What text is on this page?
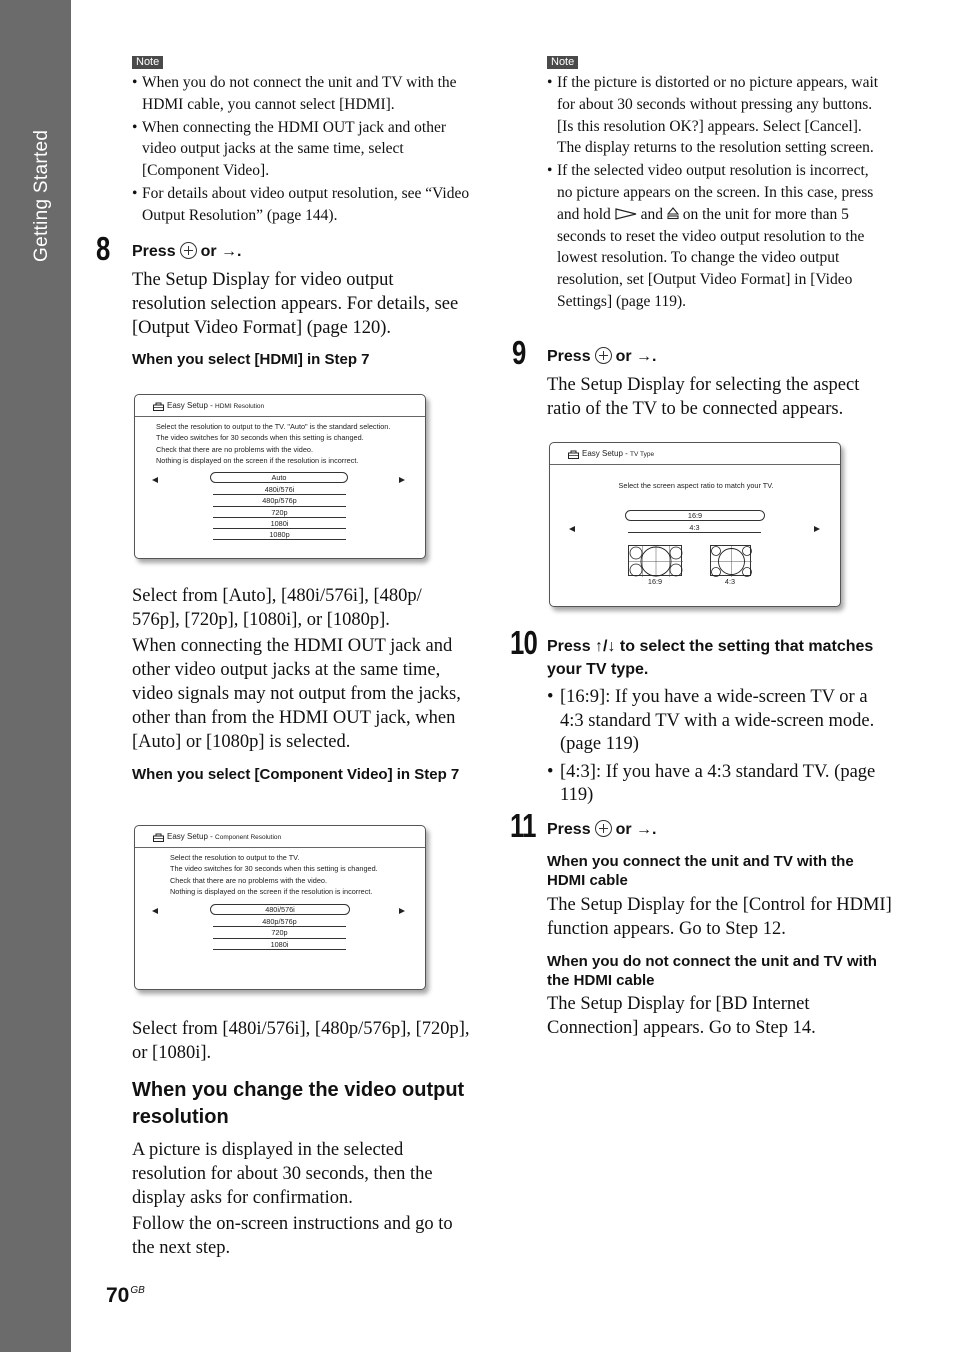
Getting Started
Note
• When you do not connect the unit and TV with the HDMI cable, you cannot select [HDMI].
• When connecting the HDMI OUT jack and other video output jacks at the same time, select [Component Video].
• For details about video output resolution, see “Video Output Resolution” (page 144).
8 Press or →.
The Setup Display for video output resolution selection appears. For details, see [Output Video Format] (page 120).
When you select [HDMI] in Step 7
Easy Setup - HDMI Resolution
Select the resolution to output to the TV. "Auto" is the standard selection.
The video switches for 30 seconds when this setting is changed.
Check that there are no problems with the video.
Nothing is displayed on the screen if the resolution is incorrect.
Auto
480i/576i
480p/576p
720p
1080i
1080p
Select from [Auto], [480i/576i], [480p/ 576p], [720p], [1080i], or [1080p].
When connecting the HDMI OUT jack and other video output jacks at the same time, video signals may not output from the jacks, other than from the HDMI OUT jack, when [Auto] or [1080p] is selected.
When you select [Component Video] in Step 7
Easy Setup - Component Resolution
Select the resolution to output to the TV.
The video switches for 30 seconds when this setting is changed.
Check that there are no problems with the video.
Nothing is displayed on the screen if the resolution is incorrect.
480i/576i
480p/576p
720p
1080i
Select from [480i/576i], [480p/576p], [720p], or [1080i].
When you change the video output resolution
A picture is displayed in the selected resolution for about 30 seconds, then the display asks for confirmation.
Follow the on-screen instructions and go to the next step.
Note
• If the picture is distorted or no picture appears, wait for about 30 seconds without pressing any buttons. [Is this resolution OK?] appears. Select [Cancel]. The display returns to the resolution setting screen.
• If the selected video output resolution is incorrect, no picture appears on the screen. In this case, press and hold and on the unit for more than 5 seconds to reset the video output resolution to the lowest resolution. To change the video output resolution, set [Output Video Format] in [Video Settings] (page 119).
9 Press or →.
The Setup Display for selecting the aspect ratio of the TV to be connected appears.
Easy Setup - TV Type
Select the screen aspect ratio to match your TV.
16:9
4:3
16:9	4:3
10 Press ↑/↓ to select the setting that matches your TV type.
• [16:9]: If you have a wide-screen TV or a 4:3 standard TV with a wide-screen mode. (page 119)
• [4:3]: If you have a 4:3 standard TV. (page 119)
11 Press or →.
When you connect the unit and TV with the HDMI cable
The Setup Display for the [Control for HDMI] function appears. Go to Step 12.
When you do not connect the unit and TV with the HDMI cable
The Setup Display for [BD Internet Connection] appears. Go to Step 14.
$70^{GB}$
